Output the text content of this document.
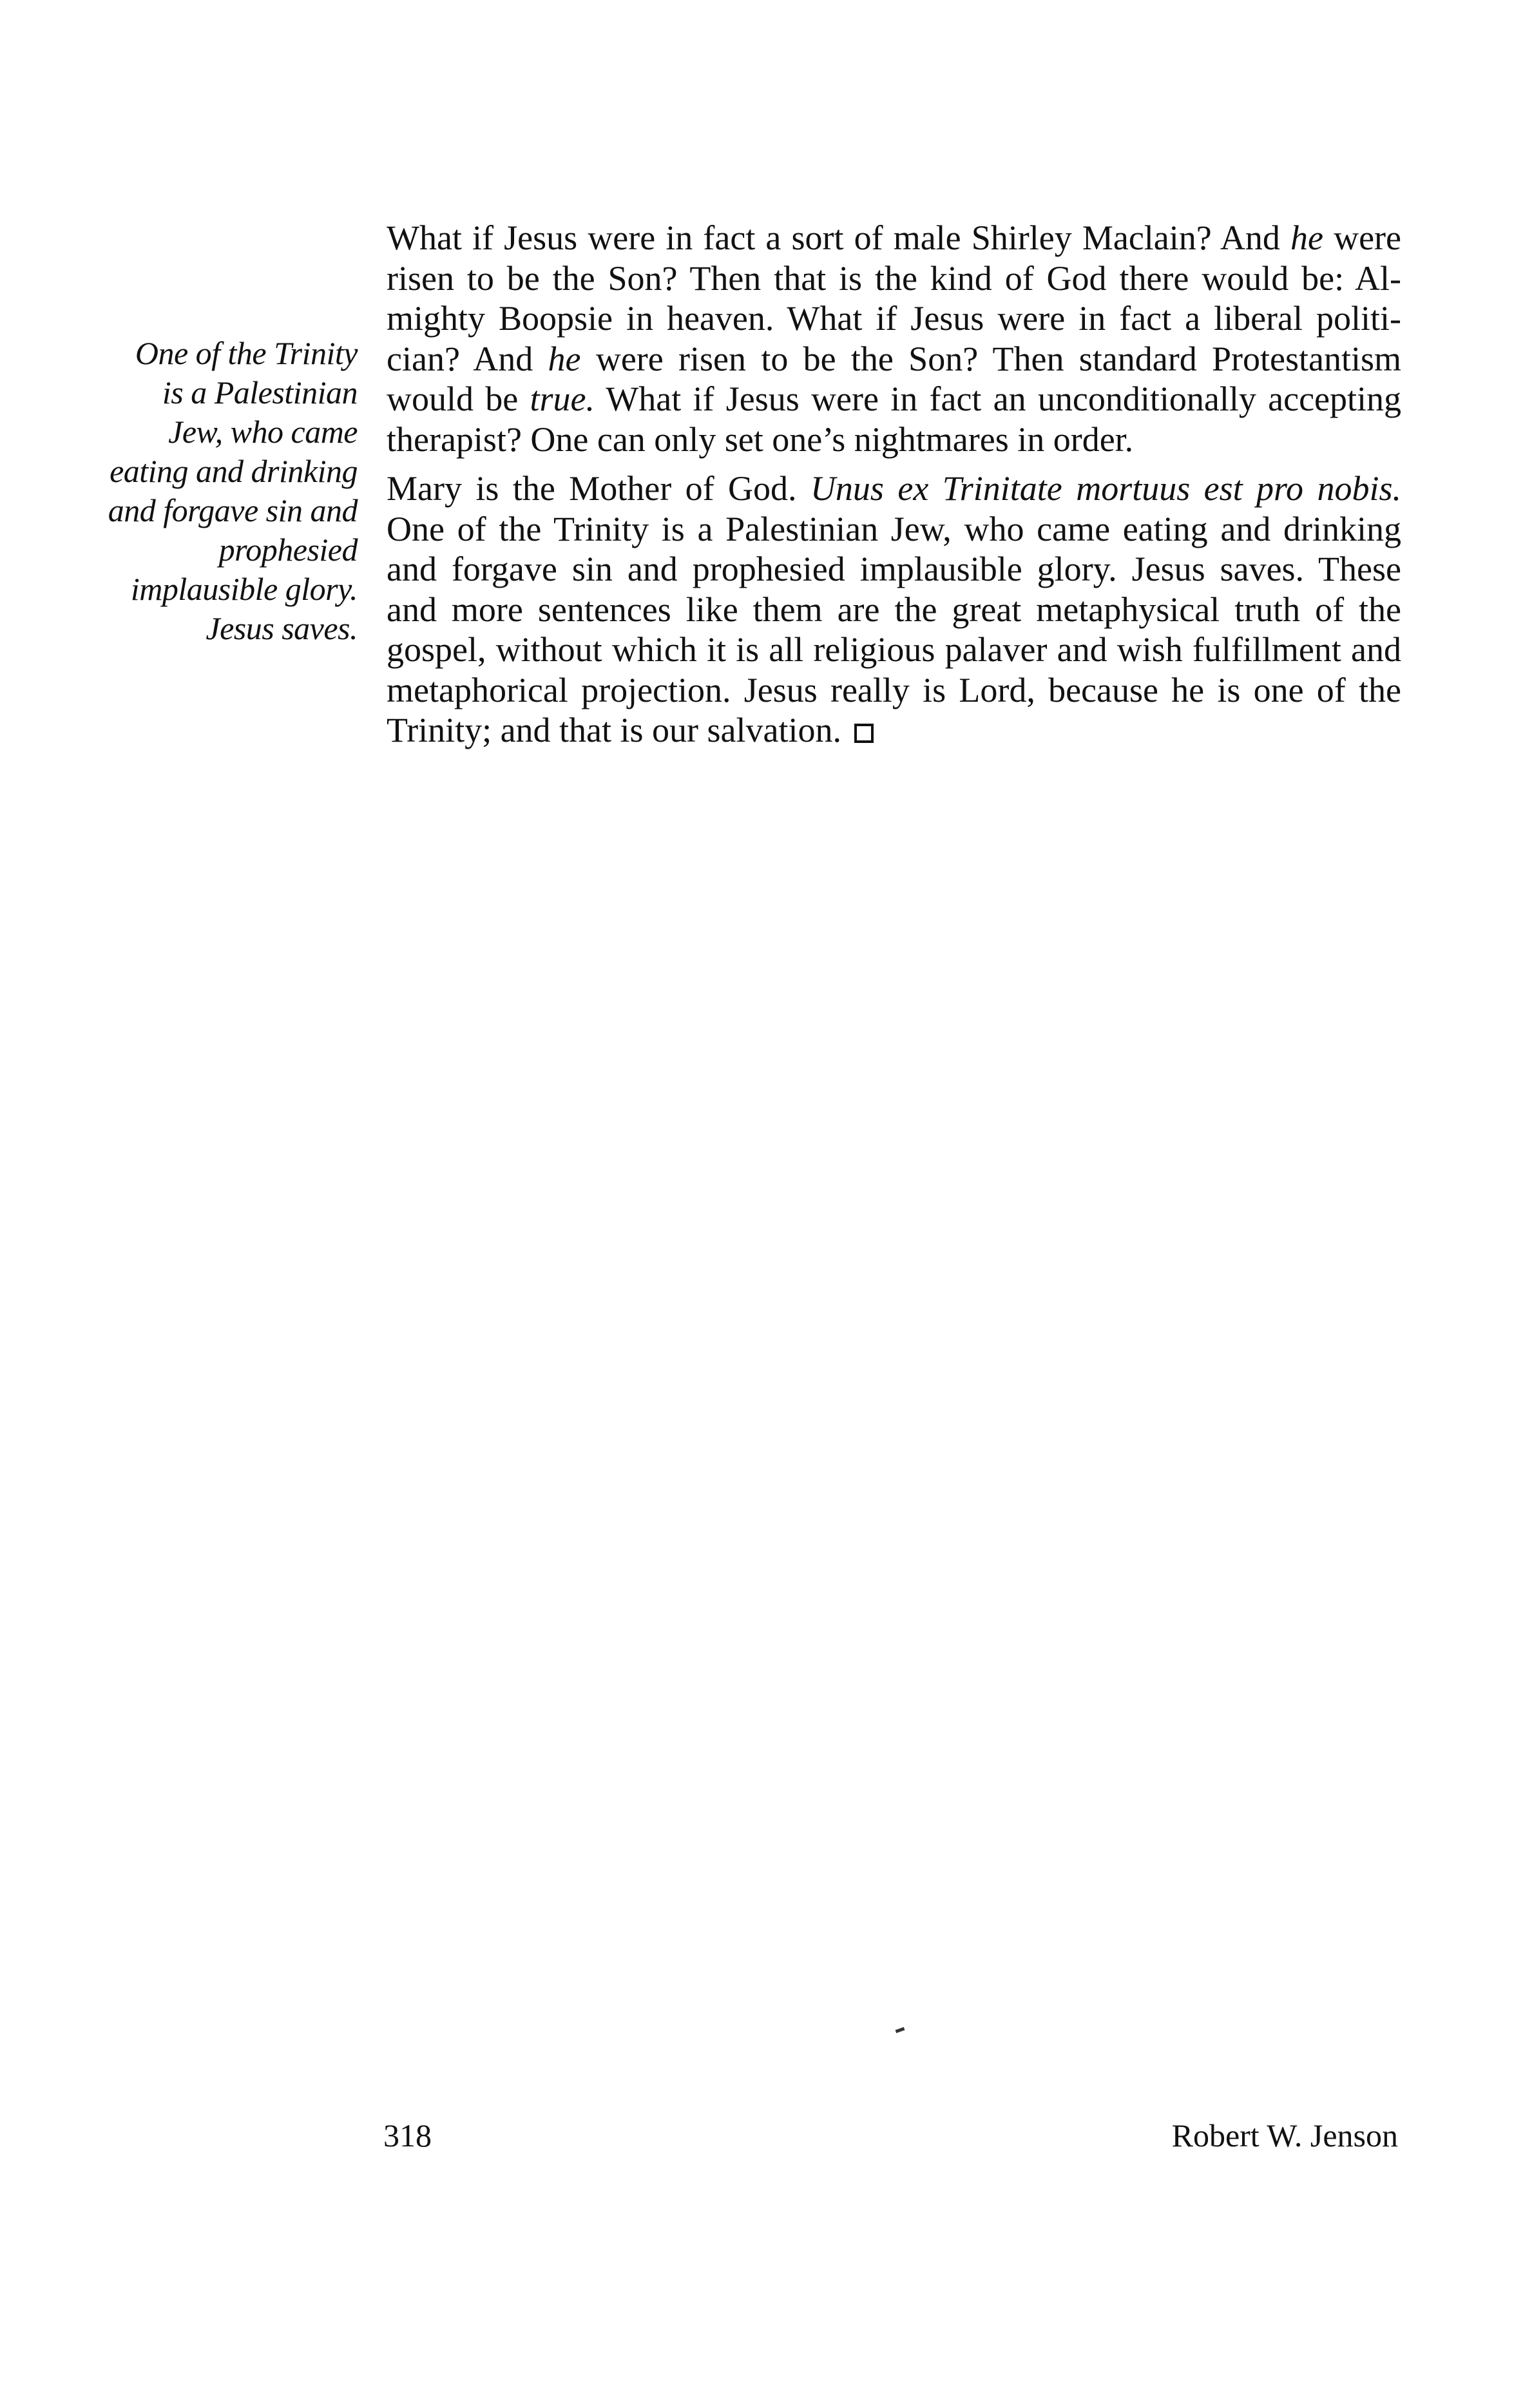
One of the Trinity
is a Palestinian
Jew, who came
eating and drinking
and forgave sin and
prophesied
implausible glory.
Jesus saves.

What if Jesus were in fact a sort of male Shirley Maclain? And he were risen to be the Son? Then that is the kind of God there would be: Almighty Boopsie in heaven. What if Jesus were in fact a liberal politician? And he were risen to be the Son? Then standard Protestantism would be true. What if Jesus were in fact an unconditionally accepting therapist? One can only set one’s nightmares in order.

Mary is the Mother of God. Unus ex Trinitate mortuus est pro nobis. One of the Trinity is a Palestinian Jew, who came eating and drinking and forgave sin and prophesied implausible glory. Jesus saves. These and more sentences like them are the great metaphysical truth of the gospel, without which it is all religious palaver and wish fulfillment and metaphorical projection. Jesus really is Lord, because he is one of the Trinity; and that is our salvation.

318	Robert W. Jenson
